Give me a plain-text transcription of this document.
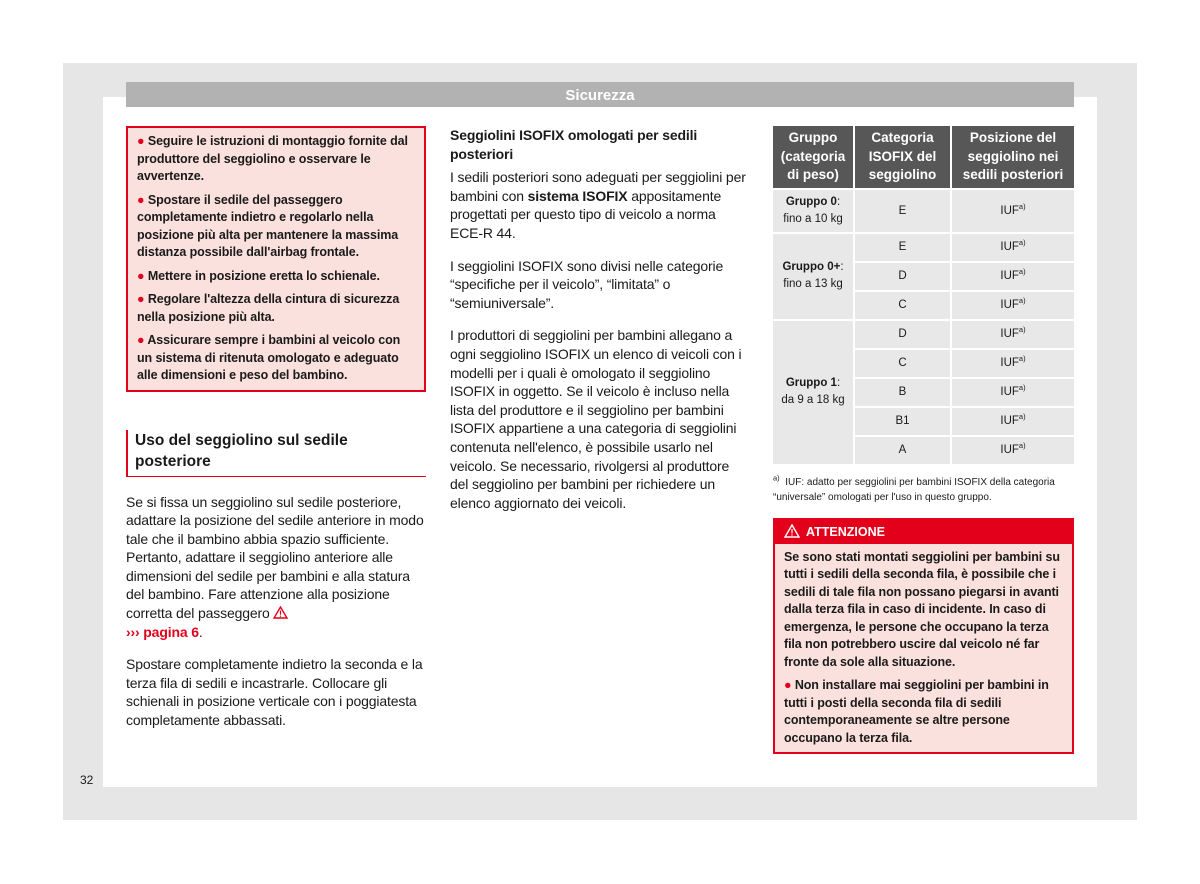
Sicurezza

● Seguire le istruzioni di montaggio fornite dal produttore del seggiolino e osservare le avvertenze.

● Spostare il sedile del passeggero completamente indietro e regolarlo nella posizione più alta per mantenere la massima distanza possibile dall'airbag frontale.

● Mettere in posizione eretta lo schienale.

● Regolare l'altezza della cintura di sicurezza nella posizione più alta.

● Assicurare sempre i bambini al veicolo con un sistema di ritenuta omologato e adeguato alle dimensioni e peso del bambino.

Uso del seggiolino sul sedile posteriore

Se si fissa un seggiolino sul sedile posteriore, adattare la posizione del sedile anteriore in modo tale che il bambino abbia spazio sufficiente. Pertanto, adattare il seggiolino anteriore alle dimensioni del sedile per bambini e alla statura del bambino. Fare attenzione alla posizione corretta del passeggero
››› pagina 6.

Spostare completamente indietro la seconda e la terza fila di sedili e incastrarle. Collocare gli schienali in posizione verticale con i poggiatesta completamente abbassati.

Seggiolini ISOFIX omologati per sedili posteriori

I sedili posteriori sono adeguati per seggiolini per bambini con sistema ISOFIX appositamente progettati per questo tipo di veicolo a norma ECE-R 44.

I seggiolini ISOFIX sono divisi nelle categorie “specifiche per il veicolo”, “limitata” o “semiuniversale”.

I produttori di seggiolini per bambini allegano a ogni seggiolino ISOFIX un elenco di veicoli con i modelli per i quali è omologato il seggiolino ISOFIX in oggetto. Se il veicolo è incluso nella lista del produttore e il seggiolino per bambini ISOFIX appartiene a una categoria di seggiolini contenuta nell'elenco, è possibile usarlo nel veicolo. Se necessario, rivolgersi al produttore del seggiolino per bambini per richiedere un elenco aggiornato dei veicoli.

Gruppo (categoria di peso)	Categoria ISOFIX del seggiolino	Posizione del seggiolino nei sedili posteriori
Gruppo 0:
fino a 10 kg	E	IUF$^{a)}$
Gruppo 0+:
fino a 13 kg	E	IUF$^{a)}$
	D	IUF$^{a)}$
	C	IUF$^{a)}$
Gruppo 1:
da 9 a 18 kg	D	IUF$^{a)}$
	C	IUF$^{a)}$
	B	IUF$^{a)}$
	B1	IUF$^{a)}$
	A	IUF$^{a)}$
$^{a)}$ IUF: adatto per seggiolini per bambini ISOFIX della categoria “universale” omologati per l'uso in questo gruppo.
ATTENZIONE

Se sono stati montati seggiolini per bambini su tutti i sedili della seconda fila, è possibile che i sedili di tale fila non possano piegarsi in avanti dalla terza fila in caso di incidente. In caso di emergenza, le persone che occupano la terza fila non potrebbero uscire dal veicolo né far fronte da sole alla situazione.

● Non installare mai seggiolini per bambini in tutti i posti della seconda fila di sedili contemporaneamente se altre persone occupano la terza fila.

32
